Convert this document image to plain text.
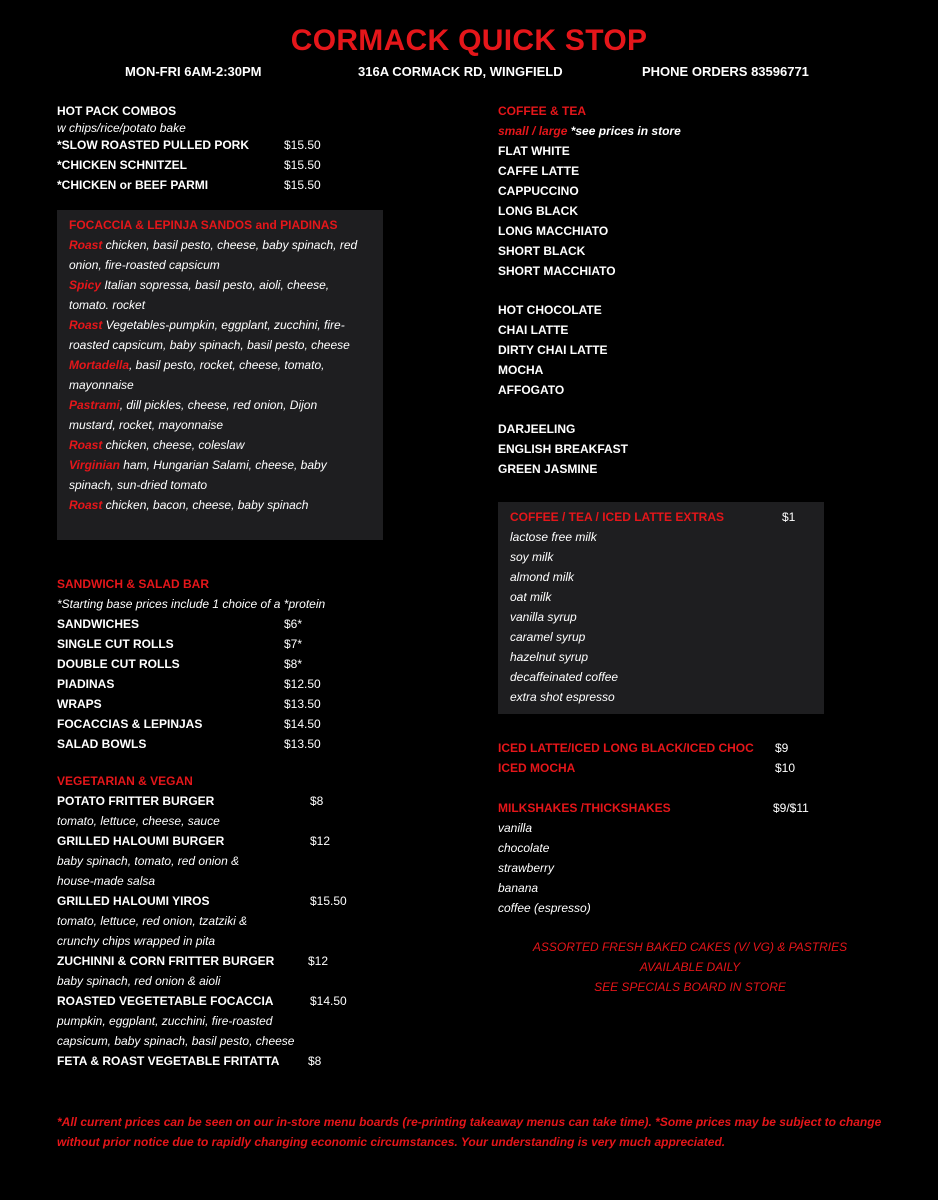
CORMACK QUICK STOP
MON-FRI 6AM-2:30PM	316A CORMACK RD, WINGFIELD	PHONE ORDERS 83596771
HOT PACK COMBOS
w chips/rice/potato bake
*SLOW ROASTED PULLED PORK	$15.50
*CHICKEN SCHNITZEL	$15.50
*CHICKEN or BEEF PARMI	$15.50
FOCACCIA & LEPINJA SANDOS and PIADINAS
Roast chicken, basil pesto, cheese, baby spinach, red
onion, fire-roasted capsicum
Spicy Italian sopressa, basil pesto, aioli, cheese,
tomato. rocket
Roast Vegetables-pumpkin, eggplant, zucchini, fire-
roasted capsicum, baby spinach, basil pesto, cheese
Mortadella, basil pesto, rocket, cheese, tomato,
mayonnaise
Pastrami, dill pickles, cheese, red onion, Dijon
mustard, rocket, mayonnaise
Roast chicken, cheese, coleslaw
Virginian ham, Hungarian Salami, cheese, baby
spinach, sun-dried tomato
Roast chicken, bacon, cheese, baby spinach
SANDWICH & SALAD BAR
*Starting base prices include 1 choice of a *protein
SANDWICHES	$6*
SINGLE CUT ROLLS	$7*
DOUBLE CUT ROLLS	$8*
PIADINAS	$12.50
WRAPS	$13.50
FOCACCIAS & LEPINJAS	$14.50
SALAD BOWLS	$13.50
VEGETARIAN & VEGAN
POTATO FRITTER BURGER	$8
tomato, lettuce, cheese, sauce
GRILLED HALOUMI BURGER	$12
baby spinach, tomato, red onion &
house-made salsa
GRILLED HALOUMI YIROS	$15.50
tomato, lettuce, red onion, tzatziki &
crunchy chips wrapped in pita
ZUCHINNI & CORN FRITTER BURGER	$12
baby spinach, red onion & aioli
ROASTED VEGETETABLE FOCACCIA	$14.50
pumpkin, eggplant, zucchini, fire-roasted
capsicum, baby spinach, basil pesto, cheese
FETA & ROAST VEGETABLE FRITATTA $8
COFFEE & TEA
small / large *see prices in store
FLAT WHITE
CAFFE LATTE
CAPPUCCINO
LONG BLACK
LONG MACCHIATO
SHORT BLACK
SHORT MACCHIATO
HOT CHOCOLATE
CHAI LATTE
DIRTY CHAI LATTE
MOCHA
AFFOGATO
DARJEELING
ENGLISH BREAKFAST
GREEN JASMINE
COFFEE / TEA / ICED LATTE EXTRAS	$1
lactose free milk
soy milk
almond milk
oat milk
vanilla syrup
caramel syrup
hazelnut syrup
decaffeinated coffee
extra shot espresso
ICED LATTE/ICED LONG BLACK/ICED CHOC $9
ICED MOCHA	$10
MILKSHAKES /THICKSHAKES	$9/$11
vanilla
chocolate
strawberry
banana
coffee (espresso)
ASSORTED FRESH BAKED CAKES (V/ VG) & PASTRIES
AVAILABLE DAILY
SEE SPECIALS BOARD IN STORE
*All current prices can be seen on our in-store menu boards (re-printing takeaway menus can take time). *Some prices may be subject to change without prior notice due to rapidly changing economic circumstances. Your understanding is very much appreciated.
